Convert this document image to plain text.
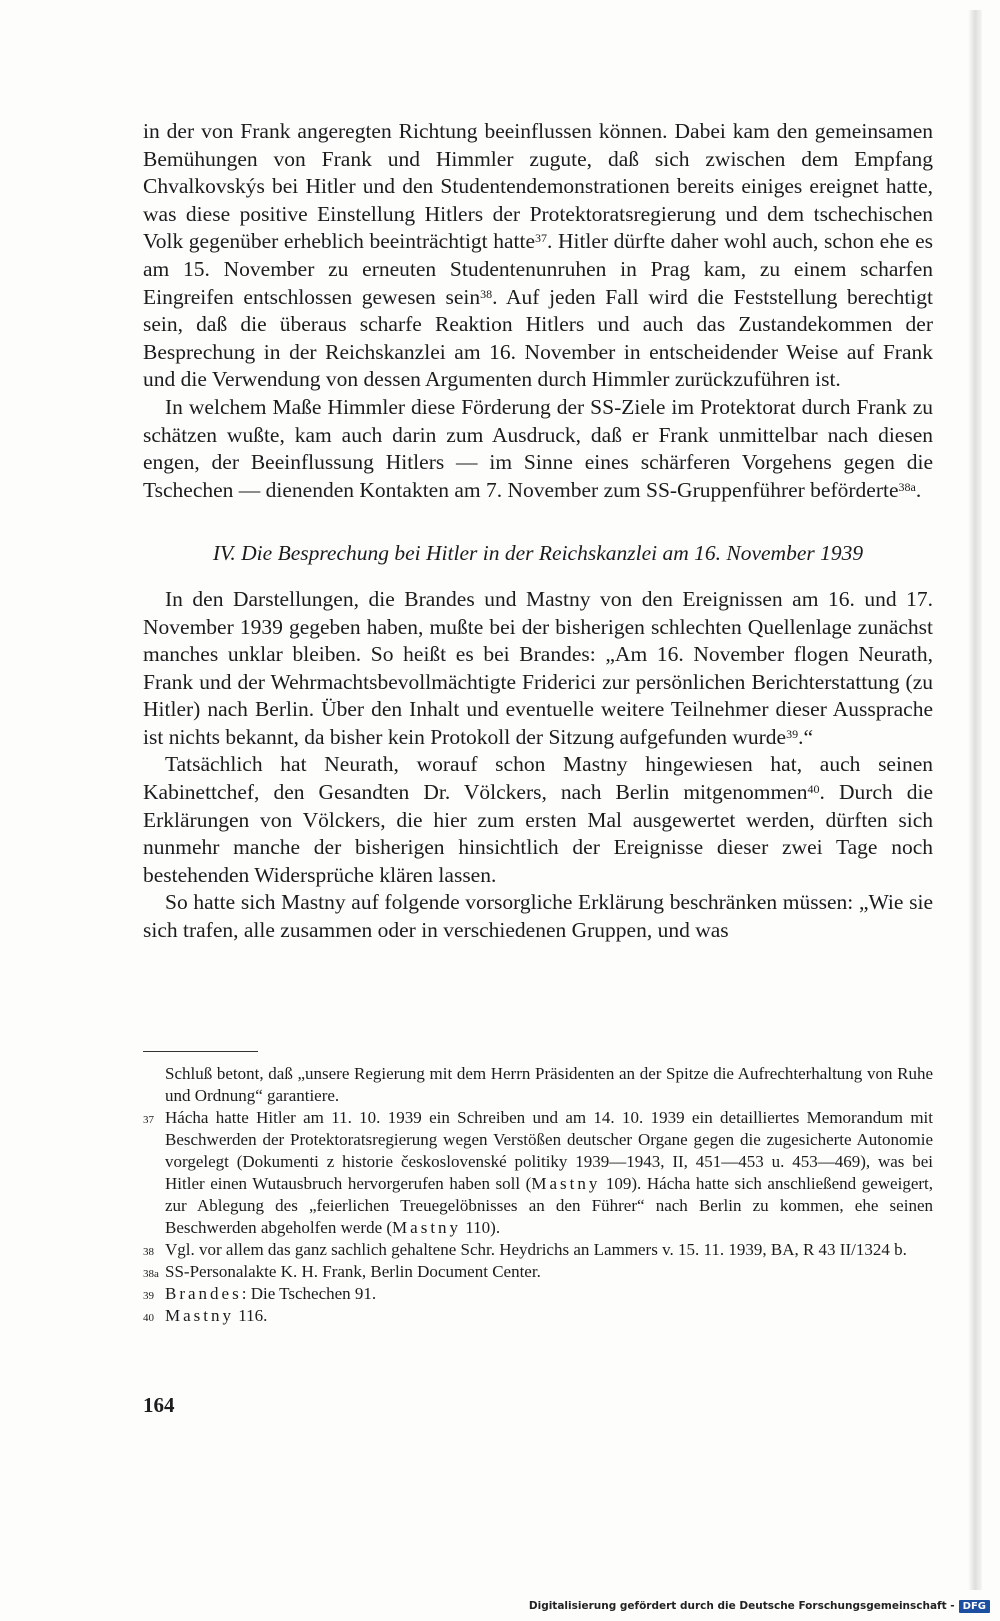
in der von Frank angeregten Richtung beeinflussen können. Dabei kam den gemeinsamen Bemühungen von Frank und Himmler zugute, daß sich zwischen dem Empfang Chvalkovskýs bei Hitler und den Studentendemonstrationen bereits einiges ereignet hatte, was diese positive Einstellung Hitlers der Protektoratsregierung und dem tschechischen Volk gegenüber erheblich beeinträchtigt hatte$^{37}$. Hitler dürfte daher wohl auch, schon ehe es am 15. November zu erneuten Studentenunruhen in Prag kam, zu einem scharfen Eingreifen entschlossen gewesen sein$^{38}$. Auf jeden Fall wird die Feststellung berechtigt sein, daß die überaus scharfe Reaktion Hitlers und auch das Zustandekommen der Besprechung in der Reichskanzlei am 16. November in entscheidender Weise auf Frank und die Verwendung von dessen Argumenten durch Himmler zurückzuführen ist.

In welchem Maße Himmler diese Förderung der SS-Ziele im Protektorat durch Frank zu schätzen wußte, kam auch darin zum Ausdruck, daß er Frank unmittelbar nach diesen engen, der Beeinflussung Hitlers — im Sinne eines schärferen Vorgehens gegen die Tschechen — dienenden Kontakten am 7. November zum SS-Gruppenführer beförderte$^{38a}$.

IV. Die Besprechung bei Hitler in der Reichskanzlei am 16. November 1939

In den Darstellungen, die Brandes und Mastny von den Ereignissen am 16. und 17. November 1939 gegeben haben, mußte bei der bisherigen schlechten Quellenlage zunächst manches unklar bleiben. So heißt es bei Brandes: „Am 16. November flogen Neurath, Frank und der Wehrmachtsbevollmächtigte Friderici zur persönlichen Berichterstattung (zu Hitler) nach Berlin. Über den Inhalt und eventuelle weitere Teilnehmer dieser Aussprache ist nichts bekannt, da bisher kein Protokoll der Sitzung aufgefunden wurde$^{39}$.“

Tatsächlich hat Neurath, worauf schon Mastny hingewiesen hat, auch seinen Kabinettchef, den Gesandten Dr. Völckers, nach Berlin mitgenommen$^{40}$. Durch die Erklärungen von Völckers, die hier zum ersten Mal ausgewertet werden, dürften sich nunmehr manche der bisherigen hinsichtlich der Ereignisse dieser zwei Tage noch bestehenden Widersprüche klären lassen.

So hatte sich Mastny auf folgende vorsorgliche Erklärung beschränken müssen: „Wie sie sich trafen, alle zusammen oder in verschiedenen Gruppen, und was

Schluß betont, daß „unsere Regierung mit dem Herrn Präsidenten an der Spitze die Aufrechterhaltung von Ruhe und Ordnung“ garantiere.
37 Hácha hatte Hitler am 11. 10. 1939 ein Schreiben und am 14. 10. 1939 ein detailliertes Memorandum mit Beschwerden der Protektoratsregierung wegen Verstößen deutscher Organe gegen die zugesicherte Autonomie vorgelegt (Dokumenti z historie československé politiky 1939—1943, II, 451—453 u. 453—469), was bei Hitler einen Wutausbruch hervorgerufen haben soll (Mastny 109). Hácha hatte sich anschließend geweigert, zur Ablegung des „feierlichen Treuegelöbnisses an den Führer“ nach Berlin zu kommen, ehe seinen Beschwerden abgeholfen werde (Mastny 110).
38 Vgl. vor allem das ganz sachlich gehaltene Schr. Heydrichs an Lammers v. 15. 11. 1939, BA, R 43 II/1324 b.
38a SS-Personalakte K. H. Frank, Berlin Document Center.
39 Brandes: Die Tschechen 91.
40 Mastny 116.
164
Digitalisierung gefördert durch die Deutsche Forschungsgemeinschaft - DFG
